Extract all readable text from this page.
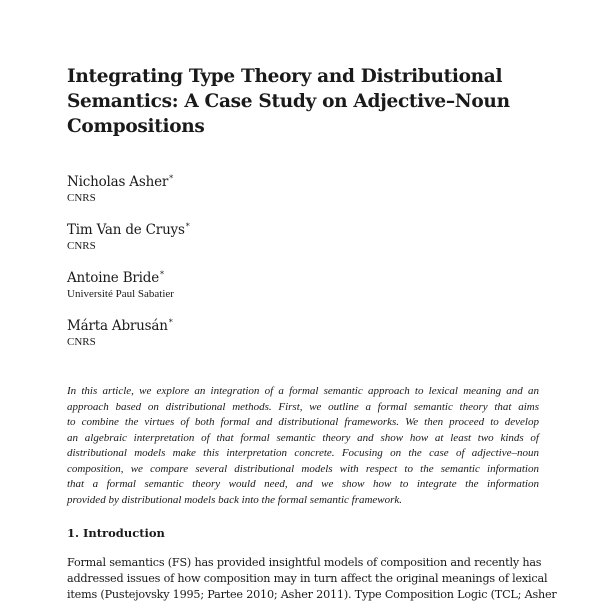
Integrating Type Theory and Distributional
Semantics: A Case Study on Adjective–Noun
Compositions
Nicholas Asher*
CNRS
Tim Van de Cruys*
CNRS
Antoine Bride*
Université Paul Sabatier
Márta Abrusán*
CNRS

In this article, we explore an integration of a formal semantic approach to lexical meaning and an
approach based on distributional methods. First, we outline a formal semantic theory that aims
to combine the virtues of both formal and distributional frameworks. We then proceed to develop
an algebraic interpretation of that formal semantic theory and show how at least two kinds of
distributional models make this interpretation concrete. Focusing on the case of adjective–noun
composition, we compare several distributional models with respect to the semantic information
that a formal semantic theory would need, and we show how to integrate the information
provided by distributional models back into the formal semantic framework.

1. Introduction

Formal semantics (FS) has provided insightful models of composition and recently has
addressed issues of how composition may in turn affect the original meanings of lexical
items (Pustejovsky 1995; Partee 2010; Asher 2011). Type Composition Logic (TCL; Asher
